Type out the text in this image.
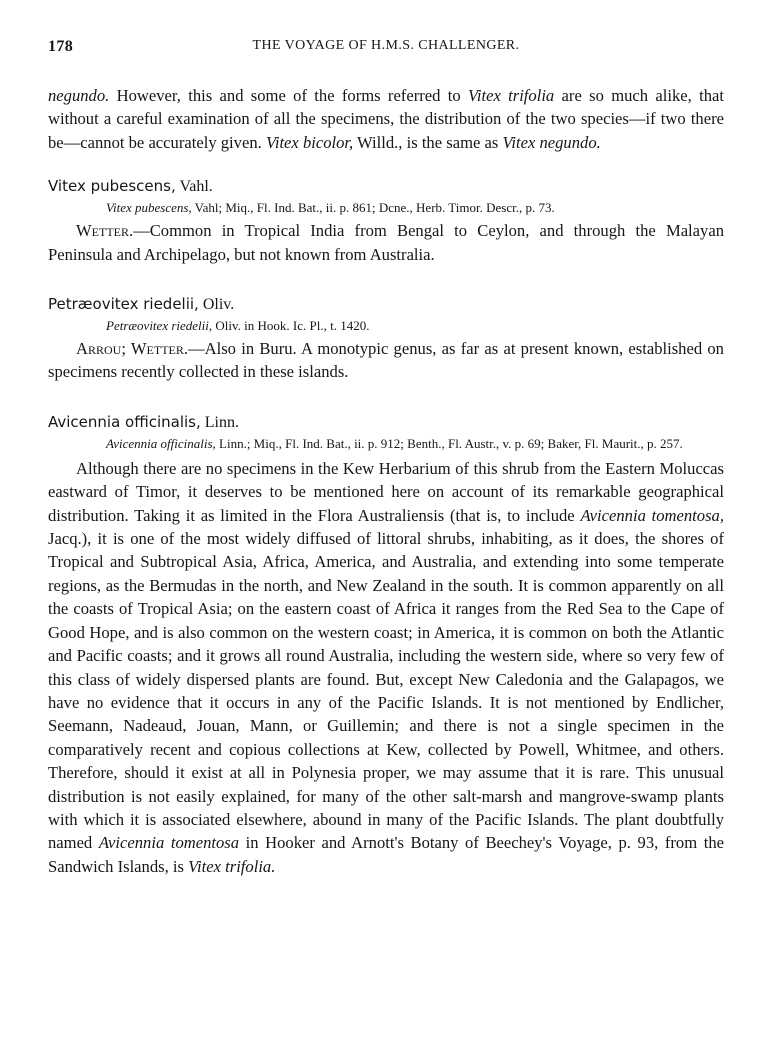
178	THE VOYAGE OF H.M.S. CHALLENGER.

negundo. However, this and some of the forms referred to Vitex trifolia are so much alike, that without a careful examination of all the specimens, the distribution of the two species—if two there be—cannot be accurately given. Vitex bicolor, Willd., is the same as Vitex negundo.

Vitex pubescens, Vahl.

Vitex pubescens, Vahl; Miq., Fl. Ind. Bat., ii. p. 861; Dcne., Herb. Timor. Descr., p. 73.

Wetter.—Common in Tropical India from Bengal to Ceylon, and through the Malayan Peninsula and Archipelago, but not known from Australia.

Petræovitex riedelii, Oliv.

Petræovitex riedelii, Oliv. in Hook. Ic. Pl., t. 1420.

Arrou; Wetter.—Also in Buru. A monotypic genus, as far as at present known, established on specimens recently collected in these islands.

Avicennia officinalis, Linn.

Avicennia officinalis, Linn.; Miq., Fl. Ind. Bat., ii. p. 912; Benth., Fl. Austr., v. p. 69; Baker, Fl. Maurit., p. 257.

Although there are no specimens in the Kew Herbarium of this shrub from the Eastern Moluccas eastward of Timor, it deserves to be mentioned here on account of its remarkable geographical distribution. Taking it as limited in the Flora Australiensis (that is, to include Avicennia tomentosa, Jacq.), it is one of the most widely diffused of littoral shrubs, inhabiting, as it does, the shores of Tropical and Subtropical Asia, Africa, America, and Australia, and extending into some temperate regions, as the Bermudas in the north, and New Zealand in the south. It is common apparently on all the coasts of Tropical Asia; on the eastern coast of Africa it ranges from the Red Sea to the Cape of Good Hope, and is also common on the western coast; in America, it is common on both the Atlantic and Pacific coasts; and it grows all round Australia, including the western side, where so very few of this class of widely dispersed plants are found. But, except New Caledonia and the Galapagos, we have no evidence that it occurs in any of the Pacific Islands. It is not mentioned by Endlicher, Seemann, Nadeaud, Jouan, Mann, or Guillemin; and there is not a single specimen in the comparatively recent and copious collections at Kew, collected by Powell, Whitmee, and others. Therefore, should it exist at all in Polynesia proper, we may assume that it is rare. This unusual distribution is not easily explained, for many of the other salt-marsh and mangrove-swamp plants with which it is associated elsewhere, abound in many of the Pacific Islands. The plant doubtfully named Avicennia tomentosa in Hooker and Arnott's Botany of Beechey's Voyage, p. 93, from the Sandwich Islands, is Vitex trifolia.
